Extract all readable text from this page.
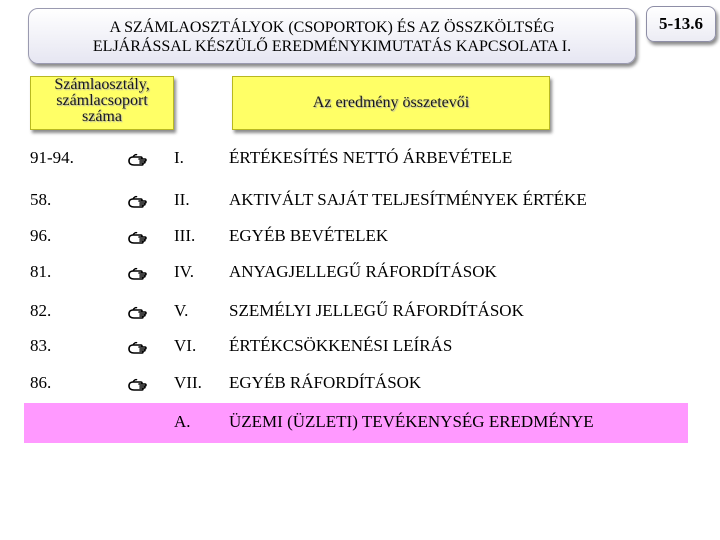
A SZÁMLAOSZTÁLYOK (CSOPORTOK) ÉS AZ ÖSSZKÖLTSÉG
ELJÁRÁSSAL KÉSZÜLŐ EREDMÉNYKIMUTATÁS KAPCSOLATA I.
5-13.6
Számlaosztály,
számlacsoport
száma
Az eredmény összetevői
91-94.	I.	ÉRTÉKESÍTÉS NETTÓ ÁRBEVÉTELE
58.	II. AKTIVÁLT SAJÁT TELJESÍTMÉNYEK ÉRTÉKE
96.	III. EGYÉB BEVÉTELEK
81.	IV. ANYAGJELLEGŰ RÁFORDÍTÁSOK
82.	V. SZEMÉLYI JELLEGŰ RÁFORDÍTÁSOK
83.	VI. ÉRTÉKCSÖKKENÉSI LEÍRÁS
86.	VII. EGYÉB RÁFORDÍTÁSOK
A. ÜZEMI (ÜZLETI) TEVÉKENYSÉG EREDMÉNYE
